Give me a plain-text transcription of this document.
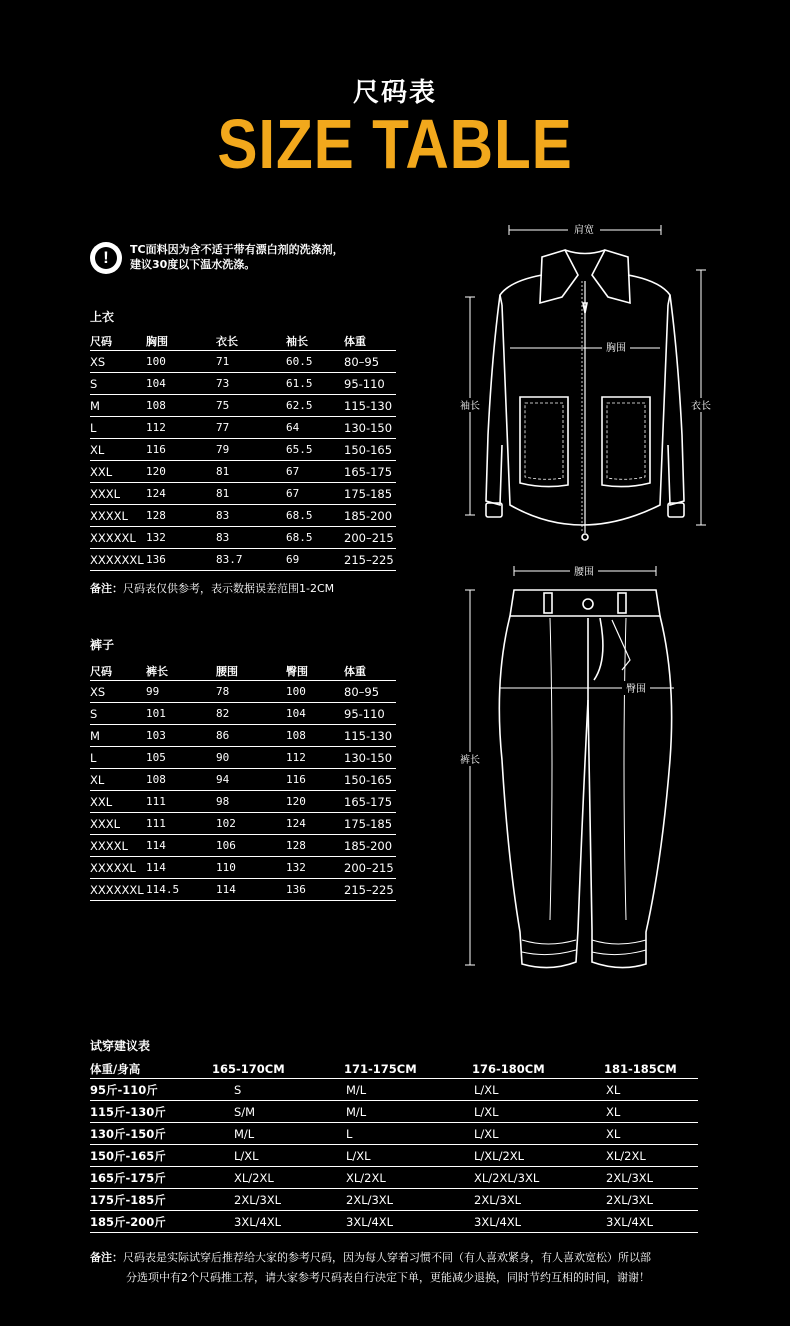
尺码表
SIZE TABLE
!	TC面料因为含不适于带有漂白剂的洗涤剂，
建议30度以下温水洗涤。
上衣
尺码	胸围	衣长	袖长	体重
XS	100	71	60.5	80–95
S	104	73	61.5	95-110
M	108	75	62.5	115-130
L	112	77	64	130-150
XL	116	79	65.5	150-165
XXL	120	81	67	165-175
XXXL	124	81	67	175-185
XXXXL	128	83	68.5	185-200
XXXXXL	132	83	68.5	200–215
XXXXXXL	136	83.7	69	215–225
备注：尺码表仅供参考，表示数据误差范围1-2CM
裤子
尺码	裤长	腰围	臀围	体重
XS	99	78	100	80–95
S	101	82	104	95-110
M	103	86	108	115-130
L	105	90	112	130-150
XL	108	94	116	150-165
XXL	111	98	120	165-175
XXXL	111	102	124	175-185
XXXXL	114	106	128	185-200
XXXXXL	114	110	132	200–215
XXXXXXL	114.5	114	136	215–225
肩宽
衣长
袖长
胸围
腰围
裤长
臀围
试穿建议表
体重/身高	165-170CM	171-175CM	176-180CM	181-185CM
95斤-110斤	S	M/L	L/XL	XL
115斤-130斤	S/M	M/L	L/XL	XL
130斤-150斤	M/L	L	L/XL	XL
150斤-165斤	L/XL	L/XL	L/XL/2XL	XL/2XL
165斤-175斤	XL/2XL	XL/2XL	XL/2XL/3XL	2XL/3XL
175斤-185斤	2XL/3XL	2XL/3XL	2XL/3XL	2XL/3XL
185斤-200斤	3XL/4XL	3XL/4XL	3XL/4XL	3XL/4XL
备注：尺码表是实际试穿后推荐给大家的参考尺码，因为每人穿着习惯不同（有人喜欢紧身，有人喜欢宽松）所以部
分选项中有2个尺码推工荐，请大家参考尺码表自行决定下单，更能减少退换，同时节约互相的时间，谢谢！
